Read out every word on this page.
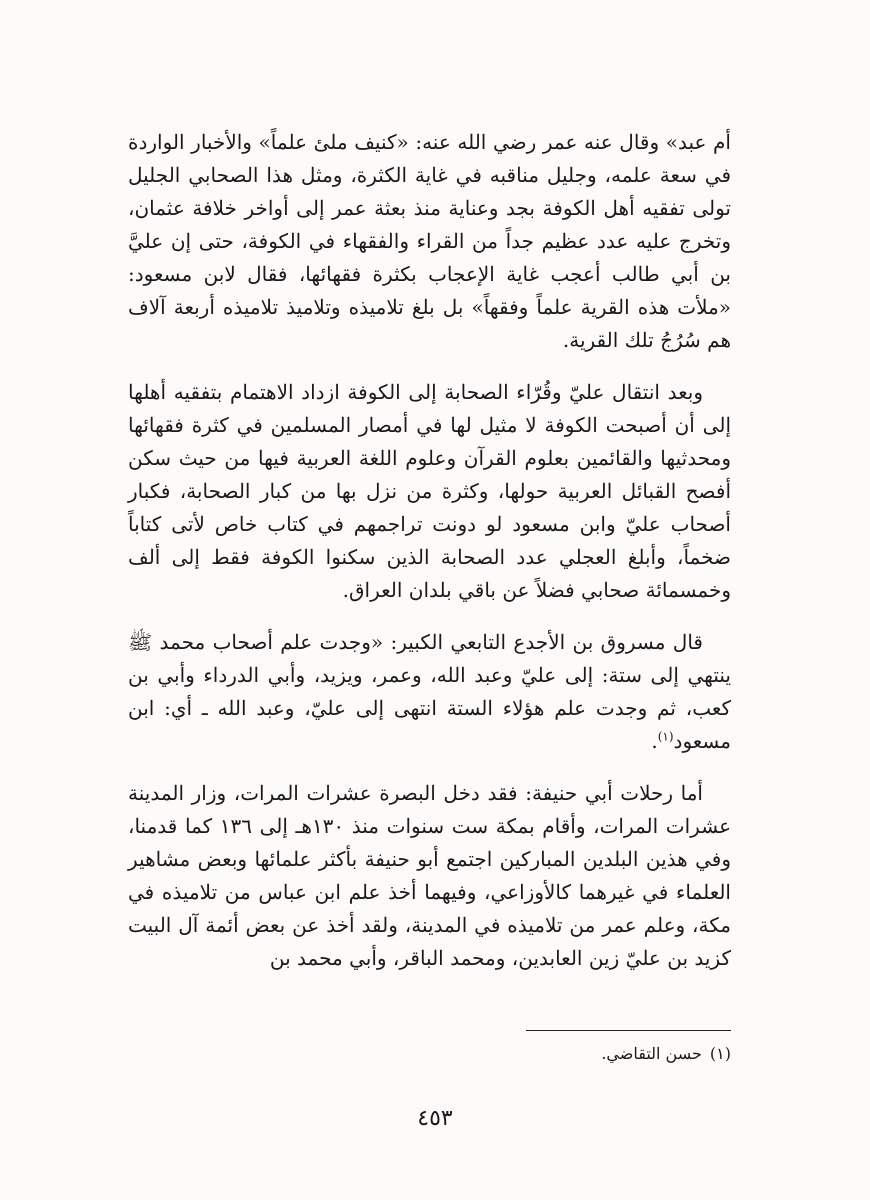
أم عبد» وقال عنه عمر رضي الله عنه: «كنيف ملئ علماً» والأخبار الواردة في سعة علمه، وجليل مناقبه في غاية الكثرة، ومثل هذا الصحابي الجليل تولى تفقيه أهل الكوفة بجد وعناية منذ بعثة عمر إلى أواخر خلافة عثمان، وتخرج عليه عدد عظيم جداً من القراء والفقهاء في الكوفة، حتى إن عليَّ بن أبي طالب أعجب غاية الإعجاب بكثرة فقهائها، فقال لابن مسعود: «ملأت هذه القرية علماً وفقهاً» بل بلغ تلاميذه وتلاميذ تلاميذه أربعة آلاف هم سُرُجُ تلك القرية.

وبعد انتقال عليّ وقُرّاء الصحابة إلى الكوفة ازداد الاهتمام بتفقيه أهلها إلى أن أصبحت الكوفة لا مثيل لها في أمصار المسلمين في كثرة فقهائها ومحدثيها والقائمين بعلوم القرآن وعلوم اللغة العربية فيها من حيث سكن أفصح القبائل العربية حولها، وكثرة من نزل بها من كبار الصحابة، فكبار أصحاب عليّ وابن مسعود لو دونت تراجمهم في كتاب خاص لأتى كتاباً ضخماً، وأبلغ العجلي عدد الصحابة الذين سكنوا الكوفة فقط إلى ألف وخمسمائة صحابي فضلاً عن باقي بلدان العراق.

قال مسروق بن الأجدع التابعي الكبير: «وجدت علم أصحاب محمد ﷺ ينتهي إلى ستة: إلى عليّ وعبد الله، وعمر، ويزيد، وأبي الدرداء وأبي بن كعب، ثم وجدت علم هؤلاء الستة انتهى إلى عليّ، وعبد الله ـ أي: ابن مسعود$^{(١)}$.

أما رحلات أبي حنيفة: فقد دخل البصرة عشرات المرات، وزار المدينة عشرات المرات، وأقام بمكة ست سنوات منذ ١٣٠هـ إلى ١٣٦ كما قدمنا، وفي هذين البلدين المباركين اجتمع أبو حنيفة بأكثر علمائها وبعض مشاهير العلماء في غيرهما كالأوزاعي، وفيهما أخذ علم ابن عباس من تلاميذه في مكة، وعلم عمر من تلاميذه في المدينة، ولقد أخذ عن بعض أئمة آل البيت كزيد بن عليّ زين العابدين، ومحمد الباقر، وأبي محمد بن

(١)حسن التقاضي.
٤٥٣
